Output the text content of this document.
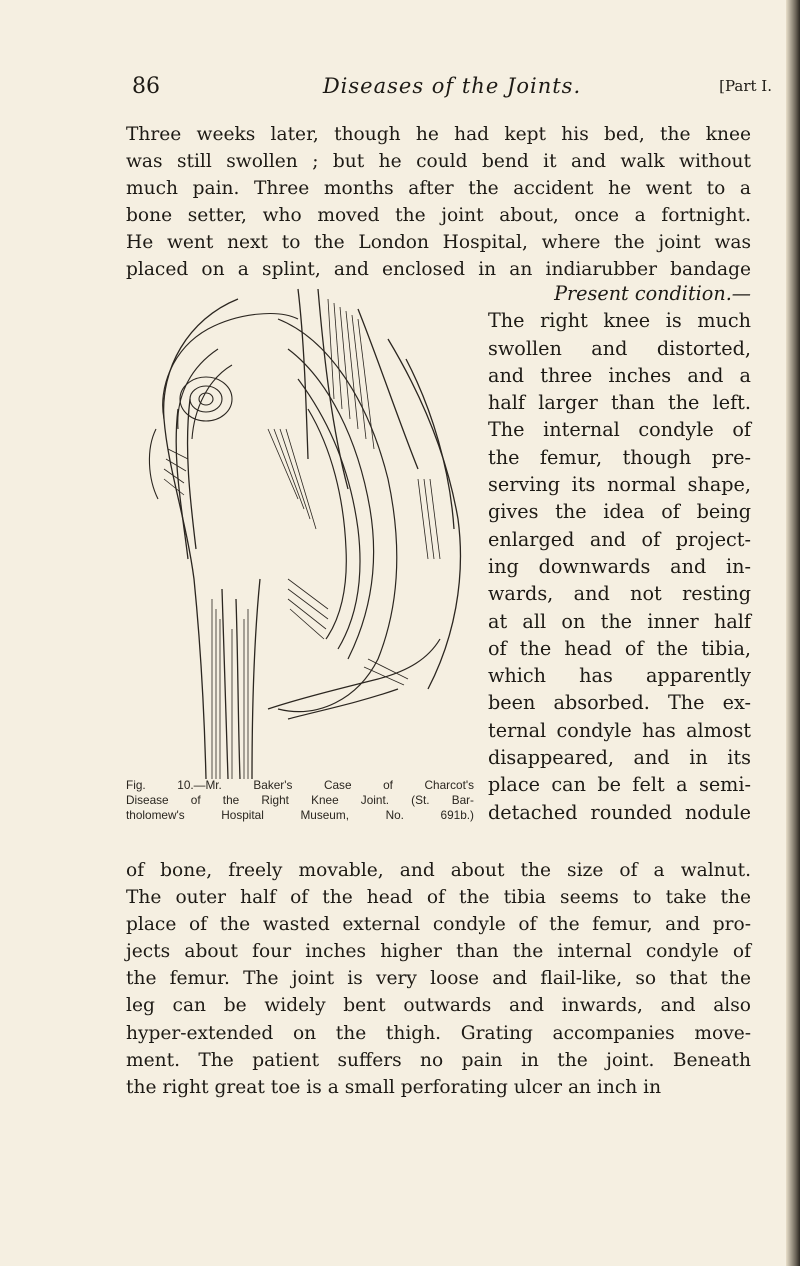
86	Diseases of the Joints.	[Part I.
Three weeks later, though he had kept his bed, the knee
was still swollen ; but he could bend it and walk without
much pain. Three months after the accident he went to a
bone setter, who moved the joint about, once a fortnight.
He went next to the London Hospital, where the joint was
placed on a splint, and enclosed in an indiarubber bandage
Fig. 10.—Mr. Baker's Case of Charcot's
Disease of the Right Knee Joint. (St. Bar-
tholomew's Hospital Museum, No. 691b.)
Present condition.—
The right knee is much
swollen and distorted,
and three inches and a
half larger than the left.
The internal condyle of
the femur, though pre-
serving its normal shape,
gives the idea of being
enlarged and of project-
ing downwards and in-
wards, and not resting
at all on the inner half
of the head of the tibia,
which has apparently
been absorbed. The ex-
ternal condyle has almost
disappeared, and in its
place can be felt a semi-
detached rounded nodule
of bone, freely movable, and about the size of a walnut.
The outer half of the head of the tibia seems to take the
place of the wasted external condyle of the femur, and pro-
jects about four inches higher than the internal condyle of
the femur. The joint is very loose and flail-like, so that the
leg can be widely bent outwards and inwards, and also
hyper-extended on the thigh. Grating accompanies move-
ment. The patient suffers no pain in the joint. Beneath
the right great toe is a small perforating ulcer an inch in
